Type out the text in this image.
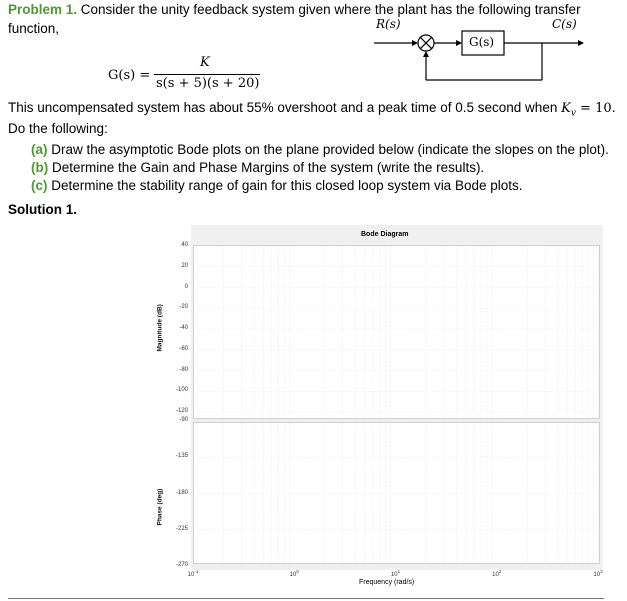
Problem 1. Consider the unity feedback system given where the plant has the following transfer
function,	R(s)	C(s)
G(s)
G(s) =
K
s(s + 5)(s + 20)
This uncompensated system has about 55% overshoot and a peak time of 0.5 second when $K_v = 10$.
Do the following:
(a) Draw the asymptotic Bode plots on the plane provided below (indicate the slopes on the plot).
(b) Determine the Gain and Phase Margins of the system (write the results).
(c) Determine the stability range of gain for this closed loop system via Bode plots.
Solution 1.
Bode Diagram
Magnitude (dB)
Phase (deg)
40
20
0
-20
-40
-60
-80
-100
-120
-90
-135
-180
-225
-270
$10^{-1}$
$10^0$
$10^1$
$10^2$
$10^3$
Frequency (rad/s)
